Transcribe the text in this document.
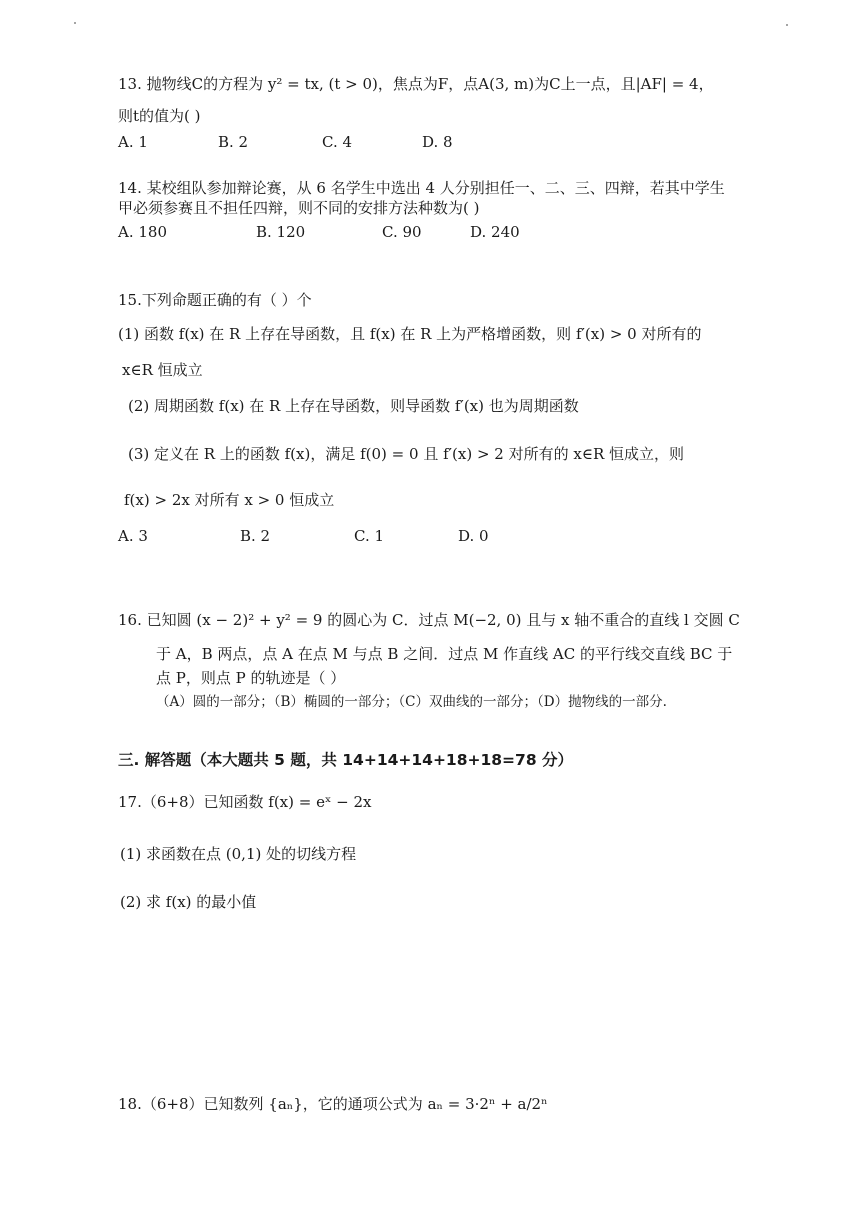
13. 抛物线C的方程为 y² = tx, (t > 0)，焦点为F，点A(3, m)为C上一点，且|AF| = 4，
则t的值为( )
A. 1	B. 2	C. 4	D. 8
14. 某校组队参加辩论赛，从 6 名学生中选出 4 人分别担任一、二、三、四辩，若其中学生
甲必须参赛且不担任四辩，则不同的安排方法种数为( )
A. 180	B. 120	C. 90	D. 240
15.下列命题正确的有（ ）个
(1) 函数 f(x) 在 R 上存在导函数，且 f(x) 在 R 上为严格增函数，则 f′(x) > 0 对所有的
x∈R 恒成立
(2) 周期函数 f(x) 在 R 上存在导函数，则导函数 f′(x) 也为周期函数
(3) 定义在 R 上的函数 f(x)，满足 f(0) = 0 且 f′(x) > 2 对所有的 x∈R 恒成立，则
f(x) > 2x 对所有 x > 0 恒成立
A. 3	B. 2	C. 1	D. 0
16. 已知圆 (x − 2)² + y² = 9 的圆心为 C．过点 M(−2, 0) 且与 x 轴不重合的直线 l 交圆 C
于 A，B 两点，点 A 在点 M 与点 B 之间．过点 M 作直线 AC 的平行线交直线 BC 于
点 P，则点 P 的轨迹是（ ）
（A）圆的一部分；（B）椭圆的一部分；（C）双曲线的一部分；（D）抛物线的一部分.
三. 解答题（本大题共 5 题，共 14+14+14+18+18=78 分）
17.（6+8）已知函数 f(x) = eˣ − 2x
(1) 求函数在点 (0,1) 处的切线方程
(2) 求 f(x) 的最小值
18.（6+8）已知数列 {aₙ}，它的通项公式为 aₙ = 3·2ⁿ + a/2ⁿ
